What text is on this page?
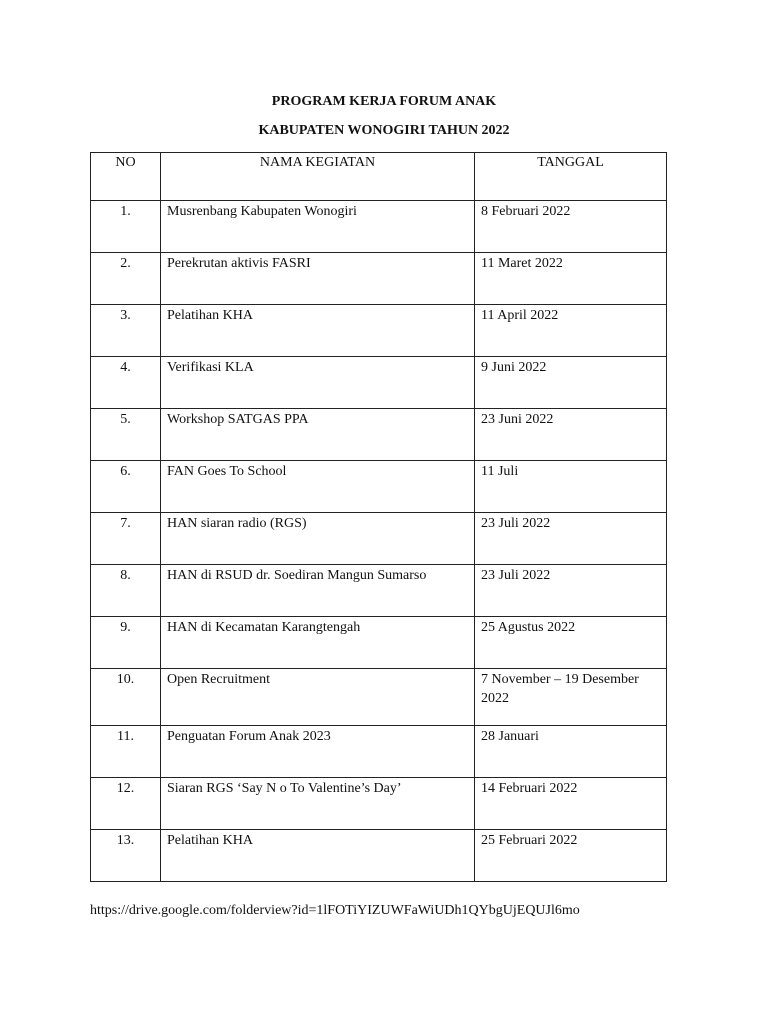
PROGRAM KERJA FORUM ANAK
KABUPATEN WONOGIRI TAHUN 2022
NO	NAMA KEGIATAN	TANGGAL
1.	Musrenbang Kabupaten Wonogiri	8 Februari 2022
2.	Perekrutan aktivis FASRI	11 Maret 2022
3.	Pelatihan KHA	11 April 2022
4.	Verifikasi KLA	9 Juni 2022
5.	Workshop SATGAS PPA	23 Juni 2022
6.	FAN Goes To School	11 Juli
7.	HAN siaran radio (RGS)	23 Juli 2022
8.	HAN di RSUD dr. Soediran Mangun Sumarso	23 Juli 2022
9.	HAN di Kecamatan Karangtengah	25 Agustus 2022
10.	Open Recruitment	7 November – 19 Desember 2022
11.	Penguatan Forum Anak 2023	28 Januari
12.	Siaran RGS ‘Say N o To Valentine’s Day’	14 Februari 2022
13.	Pelatihan KHA	25 Februari 2022
https://drive.google.com/folderview?id=1lFOTiYIZUWFaWiUDh1QYbgUjEQUJl6mo
